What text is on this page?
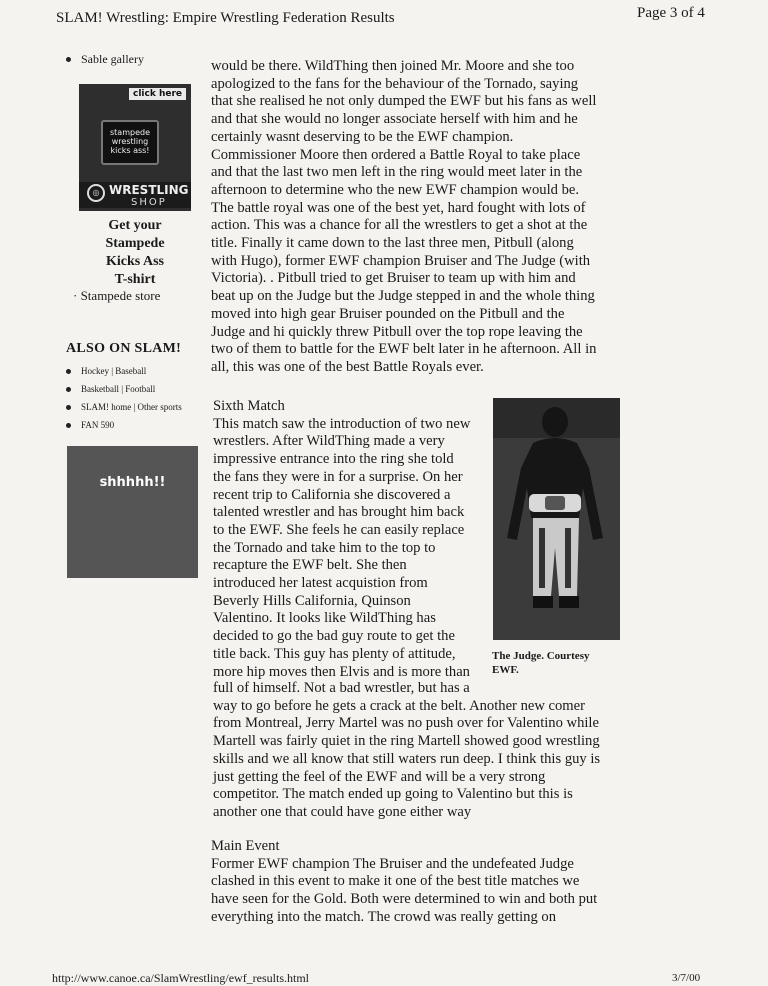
SLAM! Wrestling: Empire Wrestling Federation Results	Page 3 of 4
Sable gallery
click here
stampede
wrestling
kicks ass!
◎ WRESTLING
SHOP
Get your
Stampede
Kicks Ass
T-shirt
· Stampede store
ALSO ON SLAM!
Hockey | Baseball
Basketball | Football
SLAM! home | Other sports
FAN 590
shhhhh!!
would be there. WildThing then joined Mr. Moore and she too
apologized to the fans for the behaviour of the Tornado, saying
that she realised he not only dumped the EWF but his fans as well
and that she would no longer associate herself with him and he
certainly wasnt deserving to be the EWF champion.
Commissioner Moore then ordered a Battle Royal to take place
and that the last two men left in the ring would meet later in the
afternoon to determine who the new EWF champion would be.
The battle royal was one of the best yet, hard fought with lots of
action. This was a chance for all the wrestlers to get a shot at the
title. Finally it came down to the last three men, Pitbull (along
with Hugo), former EWF champion Bruiser and The Judge (with
Victoria). . Pitbull tried to get Bruiser to team up with him and
beat up on the Judge but the Judge stepped in and the whole thing
moved into high gear Bruiser pounded on the Pitbull and the
Judge and hi quickly threw Pitbull over the top rope leaving the
two of them to battle for the EWF belt later in he afternoon. All in
all, this was one of the best Battle Royals ever.
Sixth Match
This match saw the introduction of two new
wrestlers. After WildThing made a very
impressive entrance into the ring she told
the fans they were in for a surprise. On her
recent trip to California she discovered a
talented wrestler and has brought him back
to the EWF. She feels he can easily replace
the Tornado and take him to the top to
recapture the EWF belt. She then
introduced her latest acquistion from
Beverly Hills California, Quinson
Valentino. It looks like WildThing has
decided to go the bad guy route to get the
title back. This guy has plenty of attitude,
more hip moves then Elvis and is more than
The Judge. Courtesy
EWF.
full of himself. Not a bad wrestler, but has a
way to go before he gets a crack at the belt. Another new comer
from Montreal, Jerry Martel was no push over for Valentino while
Martell was fairly quiet in the ring Martell showed good wrestling
skills and we all know that still waters run deep. I think this guy is
just getting the feel of the EWF and will be a very strong
competitor. The match ended up going to Valentino but this is
another one that could have gone either way
Main Event
Former EWF champion The Bruiser and the undefeated Judge
clashed in this event to make it one of the best title matches we
have seen for the Gold. Both were determined to win and both put
everything into the match. The crowd was really getting on
http://www.canoe.ca/SlamWrestling/ewf_results.html	3/7/00
